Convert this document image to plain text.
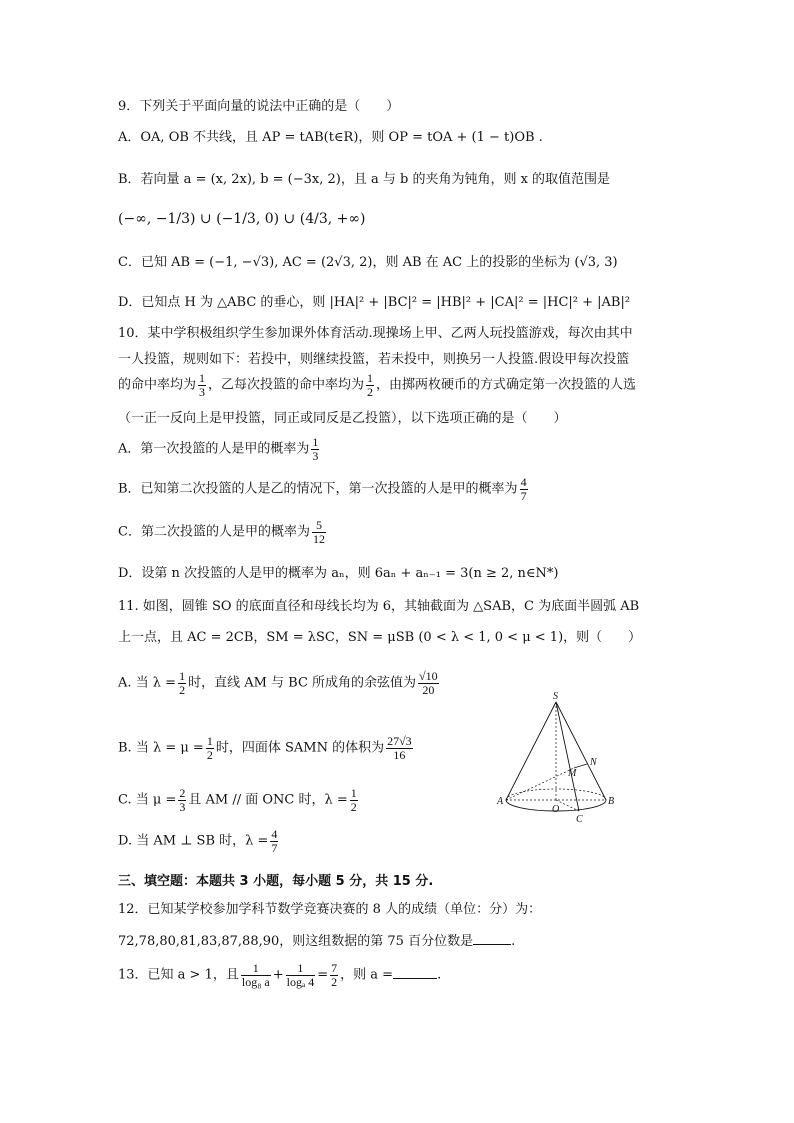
9．下列关于平面向量的说法中正确的是（　　）
A．OA, OB 不共线，且 AP = tAB(t∈R)，则 OP = tOA + (1 − t)OB .
B．若向量 a = (x, 2x), b = (−3x, 2)，且 a 与 b 的夹角为钝角，则 x 的取值范围是
(−∞, −1/3) ∪ (−1/3, 0) ∪ (4/3, +∞)
C．已知 AB = (−1, −√3), AC = (2√3, 2)，则 AB 在 AC 上的投影的坐标为 (√3, 3)
D．已知点 H 为 △ABC 的垂心，则 |HA|² + |BC|² = |HB|² + |CA|² = |HC|² + |AB|²
10．某中学积极组织学生参加课外体育活动.现操场上甲、乙两人玩投篮游戏，每次由其中
一人投篮，规则如下：若投中，则继续投篮，若未投中，则换另一人投篮.假设甲每次投篮
的命中率均为 $\frac{1}{3}$ ，乙每次投篮的命中率均为 $\frac{1}{2}$ ，由掷两枚硬币的方式确定第一次投篮的人选
（一正一反向上是甲投篮，同正或同反是乙投篮），以下选项正确的是（　　）
A．第一次投篮的人是甲的概率为 $\frac{1}{3}$
B．已知第二次投篮的人是乙的情况下，第一次投篮的人是甲的概率为 $\frac{4}{7}$
C．第二次投篮的人是甲的概率为 $\frac{5}{12}$
D．设第 n 次投篮的人是甲的概率为 aₙ，则 6aₙ + aₙ₋₁ = 3(n ≥ 2, n∈N*)
11. 如图，圆锥 SO 的底面直径和母线长均为 6，其轴截面为 △SAB，C 为底面半圆弧 AB
上一点，且 AC = 2CB，SM = λSC，SN = μSB (0 < λ < 1, 0 < μ < 1)，则（　　）
A. 当 $\lambda = \frac{1}{2}$ 时，直线 AM 与 BC 所成角的余弦值为 $\frac{√10}{20}$
B. 当 $\lambda = \mu = \frac{1}{2}$ 时，四面体 SAMN 的体积为 $\frac{27√3}{16}$
C. 当 $\mu = \frac{2}{3}$ 且 AM // 面 ONC 时，$\lambda = \frac{1}{2}$
D. 当 AM ⊥ SB 时，$\lambda = \frac{4}{7}$
S
A	B
O
C
M
N
三、填空题：本题共 3 小题，每小题 5 分，共 15 分.
12．已知某学校参加学科节数学竞赛决赛的 8 人的成绩（单位：分）为：
72,78,80,81,83,87,88,90，则这组数据的第 75 百分位数是	.
13．已知 a > 1，且 $\frac{1}{\text{log₈ a}} + \frac{1}{\text{logₐ 4}} = \frac{7}{2}$ ，则 a =	.
